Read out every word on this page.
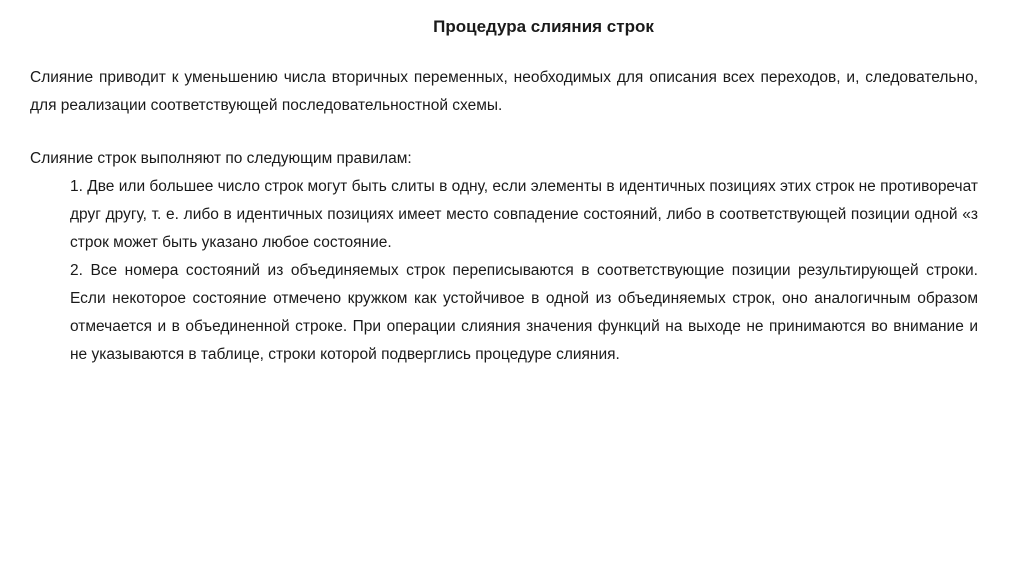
Процедура слияния строк

Слияние приводит к уменьшению числа вторичных переменных, необходимых для описания всех переходов, и, следовательно, для реализации соответствующей последовательностной схемы.

Слияние строк выполняют по следующим правилам:

1. Две или большее число строк могут быть слиты в одну, если элементы в идентичных позициях этих строк не противоречат друг другу, т. е. либо в идентичных позициях имеет место совпадение состояний, либо в соответствующей позиции одной «з строк может быть указано любое состояние.

2. Все номера состояний из объединяемых строк переписываются в соответствующие позиции результирующей строки. Если некоторое состояние отмечено кружком как устойчивое в одной из объединяемых строк, оно аналогичным образом отмечается и в объединенной строке. При операции слияния значения функций на выходе не принимаются во внимание и не указываются в таблице, строки которой подверглись процедуре слияния.
